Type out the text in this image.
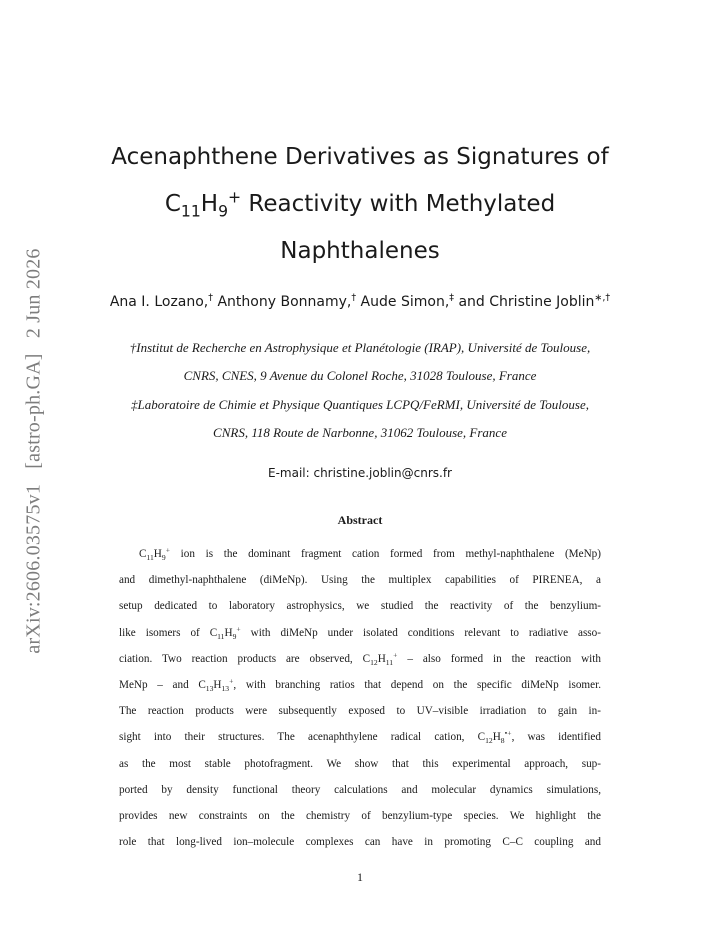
arXiv:2606.03575v1 [astro-ph.GA] 2 Jun 2026
Acenaphthene Derivatives as Signatures of
$C_{11}H_9^+$ Reactivity with Methylated
Naphthalenes
Ana I. Lozano,† Anthony Bonnamy,† Aude Simon,‡ and Christine Joblin∗,†
†Institut de Recherche en Astrophysique et Planétologie (IRAP), Université de Toulouse,
CNRS, CNES, 9 Avenue du Colonel Roche, 31028 Toulouse, France
‡Laboratoire de Chimie et Physique Quantiques LCPQ/FeRMI, Université de Toulouse,
CNRS, 118 Route de Narbonne, 31062 Toulouse, France
E-mail: christine.joblin@cnrs.fr
Abstract
$C_{11}H_9^+$ ion is the dominant fragment cation formed from methyl-naphthalene (MeNp)
and dimethyl-naphthalene (diMeNp). Using the multiplex capabilities of PIRENEA, a
setup dedicated to laboratory astrophysics, we studied the reactivity of the benzylium-
like isomers of $C_{11}H_9^+$ with diMeNp under isolated conditions relevant to radiative asso-
ciation. Two reaction products are observed, $C_{12}H_{11}^+$ – also formed in the reaction with
MeNp – and $C_{13}H_{13}^+$, with branching ratios that depend on the specific diMeNp isomer.
The reaction products were subsequently exposed to UV–visible irradiation to gain in-
sight into their structures. The acenaphthylene radical cation, $C_{12}H_8^{•+}$, was identified
as the most stable photofragment. We show that this experimental approach, sup-
ported by density functional theory calculations and molecular dynamics simulations,
provides new constraints on the chemistry of benzylium-type species. We highlight the
role that long-lived ion–molecule complexes can have in promoting C–C coupling and
1
